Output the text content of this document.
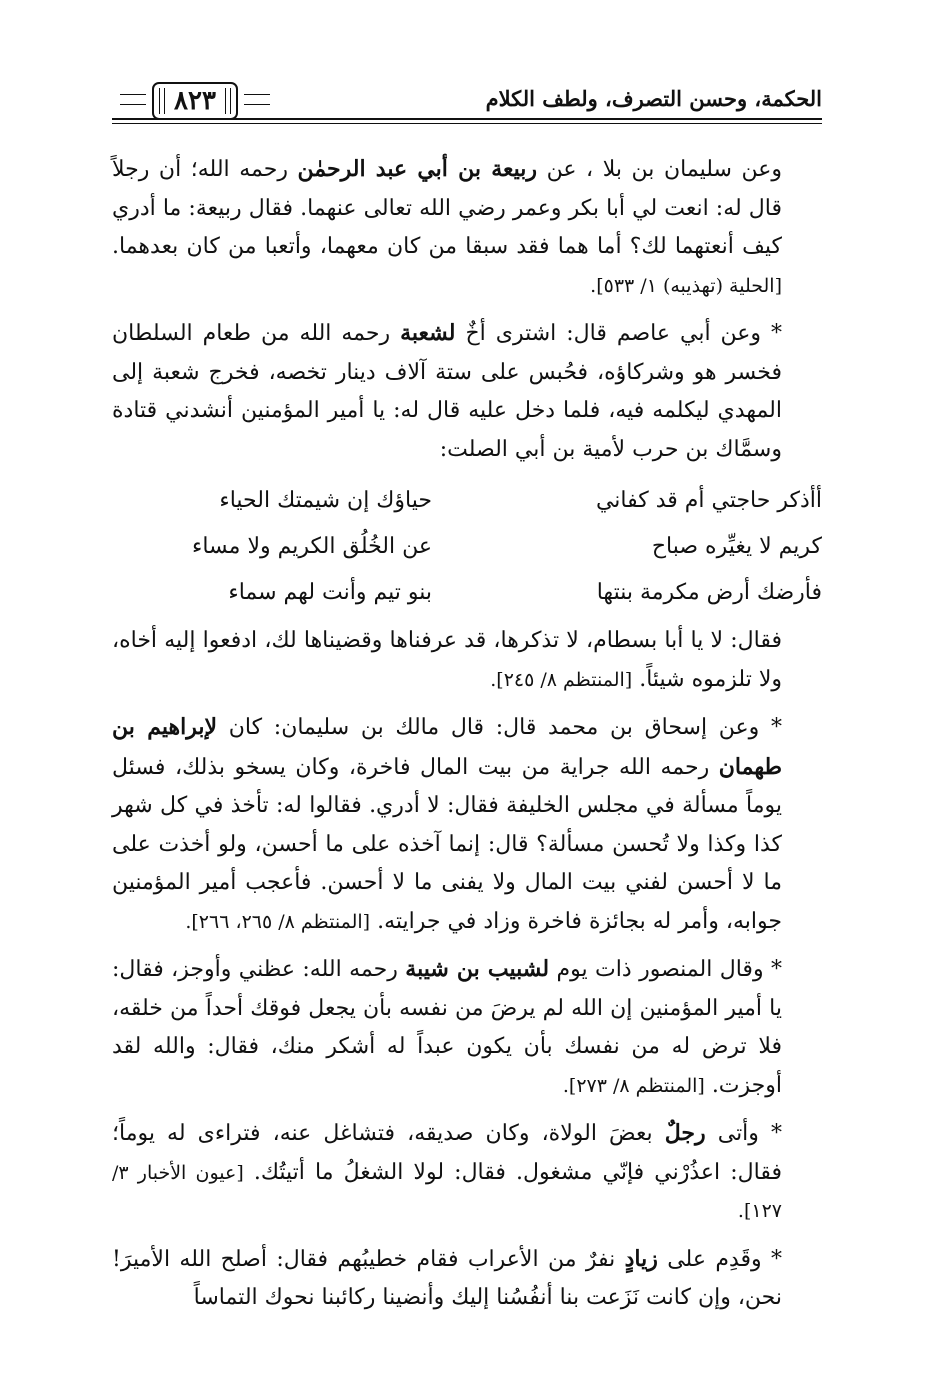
الحكمة، وحسن التصرف، ولطف الكلام
٨٢٣

وعن سليمان بن بلا ، عن ربيعة بن أبي عبد الرحمٰن رحمه الله؛ أن رجلاً قال له: انعت لي أبا بكر وعمر رضي الله تعالى عنهما. فقال ربيعة: ما أدري كيف أنعتهما لك؟ أما هما فقد سبقا من كان معهما، وأتعبا من كان بعدهما. [الحلية (تهذيبه) ١/ ٥٣٣].

* وعن أبي عاصم قال: اشترى أخٌ لشعبة رحمه الله من طعام السلطان فخسر هو وشركاؤه، فحُبس على ستة آلاف دينار تخصه، فخرج شعبة إلى المهدي ليكلمه فيه، فلما دخل عليه قال له: يا أمير المؤمنين أنشدني قتادة وسمَّاك بن حرب لأمية بن أبي الصلت:

أأذكر حاجتي أم قد كفاني
حياؤك إن شيمتك الحياء
كريم لا يغيِّره صباح
عن الخُلُق الكريم ولا مساء
فأرضك أرض مكرمة بنتها
بنو تيم وأنت لهم سماء

فقال: لا يا أبا بسطام، لا تذكرها، قد عرفناها وقضيناها لك، ادفعوا إليه أخاه، ولا تلزموه شيئاً. [المنتظم ٨/ ٢٤٥].

* وعن إسحاق بن محمد قال: قال مالك بن سليمان: كان لإبراهيم بن طهمان رحمه الله جراية من بيت المال فاخرة، وكان يسخو بذلك، فسئل يوماً مسألة في مجلس الخليفة فقال: لا أدري. فقالوا له: تأخذ في كل شهر كذا وكذا ولا تُحسن مسألة؟ قال: إنما آخذه على ما أحسن، ولو أخذت على ما لا أحسن لفني بيت المال ولا يفنى ما لا أحسن. فأعجب أمير المؤمنين جوابه، وأمر له بجائزة فاخرة وزاد في جرايته. [المنتظم ٨/ ٢٦٥، ٢٦٦].

* وقال المنصور ذات يوم لشبيب بن شيبة رحمه الله: عظني وأوجز، فقال: يا أمير المؤمنين إن الله لم يرضَ من نفسه بأن يجعل فوقك أحداً من خلقه، فلا ترض له من نفسك بأن يكون عبداً له أشكر منك، فقال: والله لقد أوجزت. [المنتظم ٨/ ٢٧٣].

* وأتى رجلٌ بعضَ الولاة، وكان صديقه، فتشاغل عنه، فتراءى له يوماً؛ فقال: اعذُرْني فإنّي مشغول. فقال: لولا الشغلُ ما أتيتُك. [عيون الأخبار ٣/ ١٢٧].

* وقَدِم على زيادٍ نفرٌ من الأعراب فقام خطيبُهم فقال: أصلح الله الأميرَ! نحن، وإن كانت نَزَعت بنا أنفُسُنا إليك وأنضينا ركائبنا نحوك التماساً
